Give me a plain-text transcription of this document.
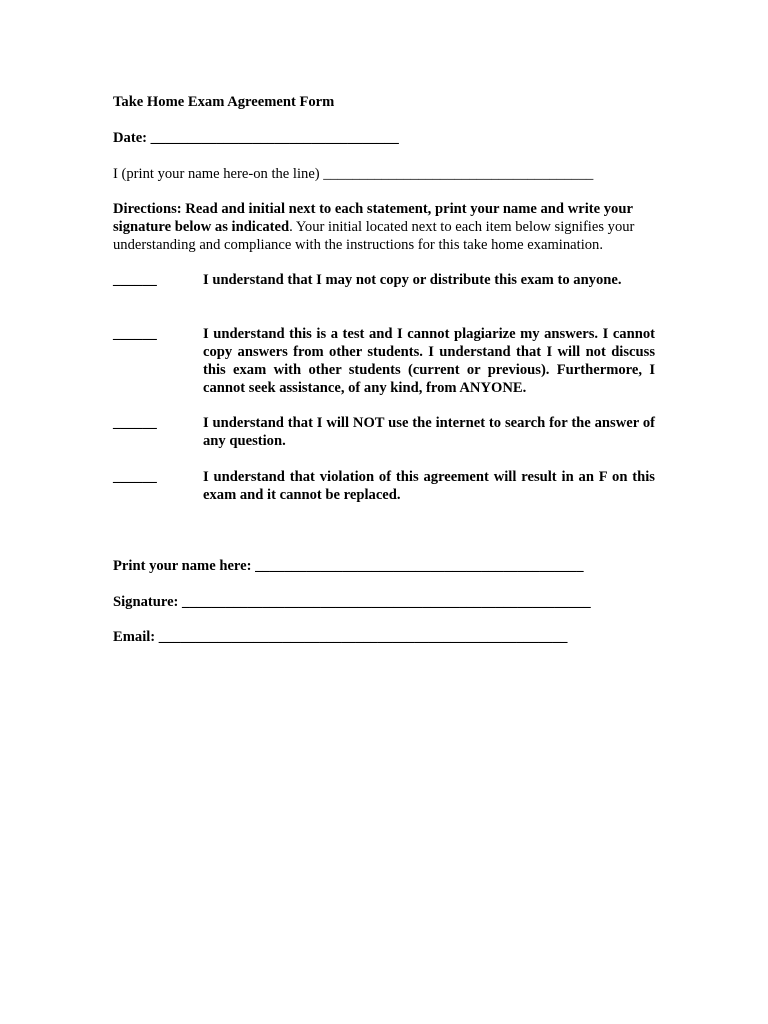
Take Home Exam Agreement Form
Date: __________________________________
I (print your name here-on the line) _____________________________________
Directions: Read and initial next to each statement, print your name and write your signature below as indicated. Your initial located next to each item below signifies your understanding and compliance with the instructions for this take home examination.
______	I understand that I may not copy or distribute this exam to anyone.
______	I understand this is a test and I cannot plagiarize my answers. I cannot copy answers from other students. I understand that I will not discuss this exam with other students (current or previous). Furthermore, I cannot seek assistance, of any kind, from ANYONE.
______	I understand that I will NOT use the internet to search for the answer of any question.
______	I understand that violation of this agreement will result in an F on this exam and it cannot be replaced.
Print your name here: _____________________________________________
Signature: ________________________________________________________
Email: ________________________________________________________
